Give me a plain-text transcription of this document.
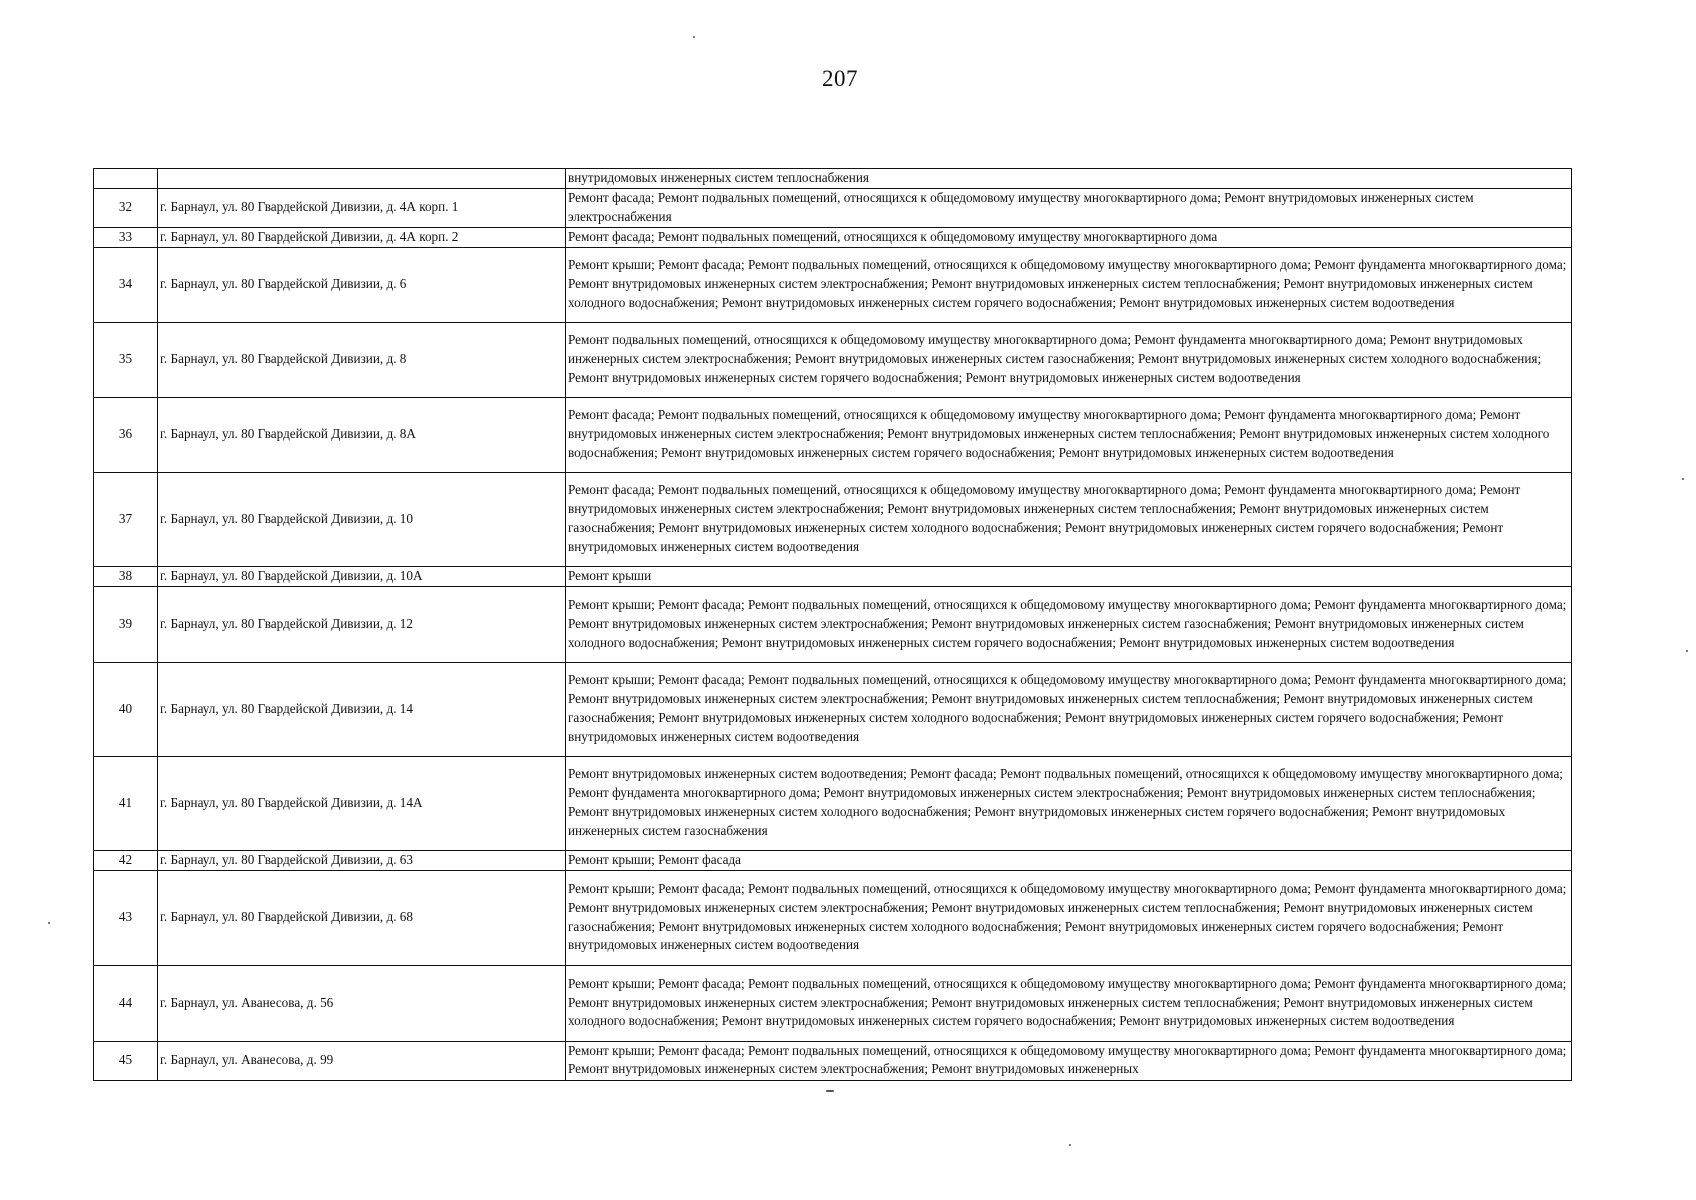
207

		внутридомовых инженерных систем теплоснабжения

32	г. Барнаул, ул. 80 Гвардейской Дивизии, д. 4А корп. 1	Ремонт фасада; Ремонт подвальных помещений, относящихся к общедомовому имуществу многоквартирного дома; Ремонт внутридомовых инженерных систем электроснабжения

33	г. Барнаул, ул. 80 Гвардейской Дивизии, д. 4А корп. 2	Ремонт фасада; Ремонт подвальных помещений, относящихся к общедомовому имуществу многоквартирного дома

34	г. Барнаул, ул. 80 Гвардейской Дивизии, д. 6	Ремонт крыши; Ремонт фасада; Ремонт подвальных помещений, относящихся к общедомовому имуществу многоквартирного дома; Ремонт фундамента многоквартирного дома; Ремонт внутридомовых инженерных систем электроснабжения; Ремонт внутридомовых инженерных систем теплоснабжения; Ремонт внутридомовых инженерных систем холодного водоснабжения; Ремонт внутридомовых инженерных систем горячего водоснабжения; Ремонт внутридомовых инженерных систем водоотведения

35	г. Барнаул, ул. 80 Гвардейской Дивизии, д. 8	Ремонт подвальных помещений, относящихся к общедомовому имуществу многоквартирного дома; Ремонт фундамента многоквартирного дома; Ремонт внутридомовых инженерных систем электроснабжения; Ремонт внутридомовых инженерных систем газоснабжения; Ремонт внутридомовых инженерных систем холодного водоснабжения; Ремонт внутридомовых инженерных систем горячего водоснабжения; Ремонт внутридомовых инженерных систем водоотведения

36	г. Барнаул, ул. 80 Гвардейской Дивизии, д. 8А	Ремонт фасада; Ремонт подвальных помещений, относящихся к общедомовому имуществу многоквартирного дома; Ремонт фундамента многоквартирного дома; Ремонт внутридомовых инженерных систем электроснабжения; Ремонт внутридомовых инженерных систем теплоснабжения; Ремонт внутридомовых инженерных систем холодного водоснабжения; Ремонт внутридомовых инженерных систем горячего водоснабжения; Ремонт внутридомовых инженерных систем водоотведения

37	г. Барнаул, ул. 80 Гвардейской Дивизии, д. 10	Ремонт фасада; Ремонт подвальных помещений, относящихся к общедомовому имуществу многоквартирного дома; Ремонт фундамента многоквартирного дома; Ремонт внутридомовых инженерных систем электроснабжения; Ремонт внутридомовых инженерных систем теплоснабжения; Ремонт внутридомовых инженерных систем газоснабжения; Ремонт внутридомовых инженерных систем холодного водоснабжения; Ремонт внутридомовых инженерных систем горячего водоснабжения; Ремонт внутридомовых инженерных систем водоотведения

38	г. Барнаул, ул. 80 Гвардейской Дивизии, д. 10А	Ремонт крыши

39	г. Барнаул, ул. 80 Гвардейской Дивизии, д. 12	Ремонт крыши; Ремонт фасада; Ремонт подвальных помещений, относящихся к общедомовому имуществу многоквартирного дома; Ремонт фундамента многоквартирного дома; Ремонт внутридомовых инженерных систем электроснабжения; Ремонт внутридомовых инженерных систем газоснабжения; Ремонт внутридомовых инженерных систем холодного водоснабжения; Ремонт внутридомовых инженерных систем горячего водоснабжения; Ремонт внутридомовых инженерных систем водоотведения

40	г. Барнаул, ул. 80 Гвардейской Дивизии, д. 14	Ремонт крыши; Ремонт фасада; Ремонт подвальных помещений, относящихся к общедомовому имуществу многоквартирного дома; Ремонт фундамента многоквартирного дома; Ремонт внутридомовых инженерных систем электроснабжения; Ремонт внутридомовых инженерных систем теплоснабжения; Ремонт внутридомовых инженерных систем газоснабжения; Ремонт внутридомовых инженерных систем холодного водоснабжения; Ремонт внутридомовых инженерных систем горячего водоснабжения; Ремонт внутридомовых инженерных систем водоотведения

41	г. Барнаул, ул. 80 Гвардейской Дивизии, д. 14А	Ремонт внутридомовых инженерных систем водоотведения; Ремонт фасада; Ремонт подвальных помещений, относящихся к общедомовому имуществу многоквартирного дома; Ремонт фундамента многоквартирного дома; Ремонт внутридомовых инженерных систем электроснабжения; Ремонт внутридомовых инженерных систем теплоснабжения; Ремонт внутридомовых инженерных систем холодного водоснабжения; Ремонт внутридомовых инженерных систем горячего водоснабжения; Ремонт внутридомовых инженерных систем газоснабжения

42	г. Барнаул, ул. 80 Гвардейской Дивизии, д. 63	Ремонт крыши; Ремонт фасада

43	г. Барнаул, ул. 80 Гвардейской Дивизии, д. 68	Ремонт крыши; Ремонт фасада; Ремонт подвальных помещений, относящихся к общедомовому имуществу многоквартирного дома; Ремонт фундамента многоквартирного дома; Ремонт внутридомовых инженерных систем электроснабжения; Ремонт внутридомовых инженерных систем теплоснабжения; Ремонт внутридомовых инженерных систем газоснабжения; Ремонт внутридомовых инженерных систем холодного водоснабжения; Ремонт внутридомовых инженерных систем горячего водоснабжения; Ремонт внутридомовых инженерных систем водоотведения

44	г. Барнаул, ул. Аванесова, д. 56	Ремонт крыши; Ремонт фасада; Ремонт подвальных помещений, относящихся к общедомовому имуществу многоквартирного дома; Ремонт фундамента многоквартирного дома; Ремонт внутридомовых инженерных систем электроснабжения; Ремонт внутридомовых инженерных систем теплоснабжения; Ремонт внутридомовых инженерных систем холодного водоснабжения; Ремонт внутридомовых инженерных систем горячего водоснабжения; Ремонт внутридомовых инженерных систем водоотведения

45	г. Барнаул, ул. Аванесова, д. 99	Ремонт крыши; Ремонт фасада; Ремонт подвальных помещений, относящихся к общедомовому имуществу многоквартирного дома; Ремонт фундамента многоквартирного дома; Ремонт внутридомовых инженерных систем электроснабжения; Ремонт внутридомовых инженерных
